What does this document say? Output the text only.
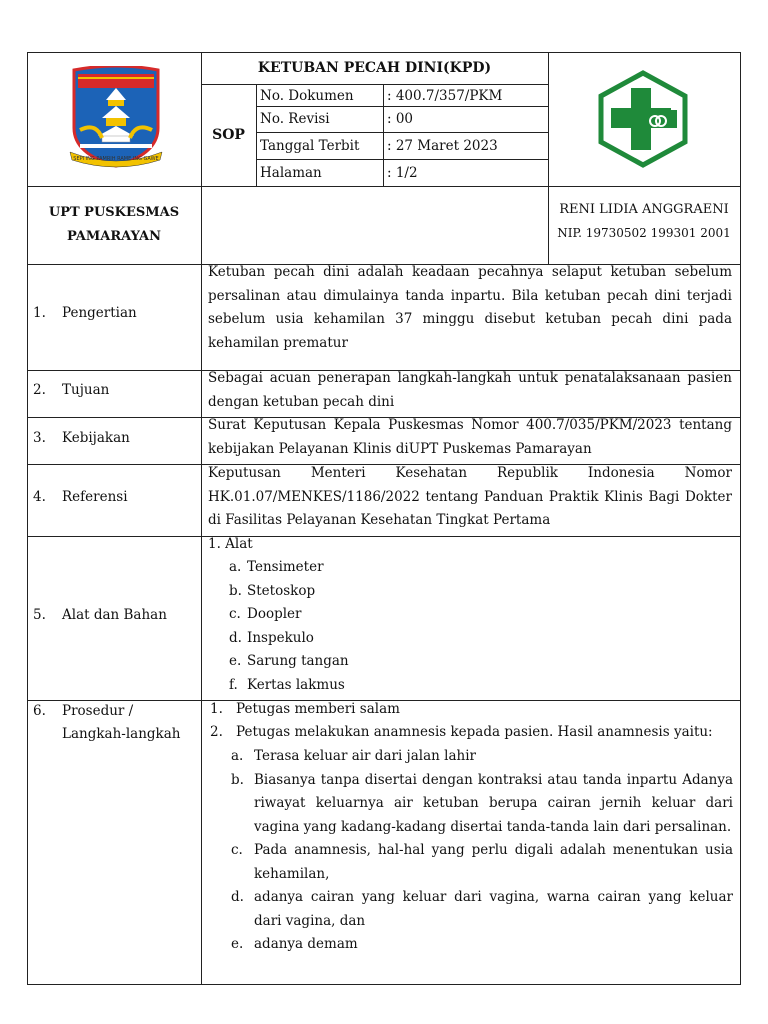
SEPI ING PAMRIH RAME ING GAWE
KETUBAN PECAH DINI(KPD)
SOP
No. Dokumen : 400.7/357/PKM
No. Revisi	: 00
Tanggal Terbit : 27 Maret 2023
Halaman	: 1/2
UPT PUSKESMAS
PAMARAYAN
RENI LIDIA ANGGRAENI
NIP. 19730502 199301 2001
1. Pengertian

Ketuban pecah dini adalah keadaan pecahnya selaput ketuban sebelum persalinan atau dimulainya tanda inpartu. Bila ketuban pecah dini terjadi sebelum usia kehamilan 37 minggu disebut ketuban pecah dini pada kehamilan prematur

2. Tujuan

Sebagai acuan penerapan langkah-langkah untuk penatalaksanaan pasien dengan ketuban pecah dini

3. Kebijakan

Surat Keputusan Kepala Puskesmas Nomor 400.7/035/PKM/2023 tentang kebijakan Pelayanan Klinis diUPT Puskemas Pamarayan

4. Referensi

Keputusan Menteri Kesehatan Republik Indonesia Nomor HK.01.07/MENKES/1186/2022 tentang Panduan Praktik Klinis Bagi Dokter di Fasilitas Pelayanan Kesehatan Tingkat Pertama

5. Alat dan Bahan
1. Alat
a. Tensimeter
b. Stetoskop
c. Doopler
d. Inspekulo
e. Sarung tangan
f. Kertas lakmus
6. Prosedur /
Langkah-langkah
1. Petugas memberi salam
2. Petugas melakukan anamnesis kepada pasien. Hasil anamnesis yaitu:
a. Terasa keluar air dari jalan lahir
b. Biasanya tanpa disertai dengan kontraksi atau tanda inpartu Adanya riwayat keluarnya air ketuban berupa cairan jernih keluar dari vagina yang kadang-kadang disertai tanda-tanda lain dari persalinan.
c. Pada anamnesis, hal-hal yang perlu digali adalah menentukan usia kehamilan,
d. adanya cairan yang keluar dari vagina, warna cairan yang keluar dari vagina, dan
e. adanya demam
